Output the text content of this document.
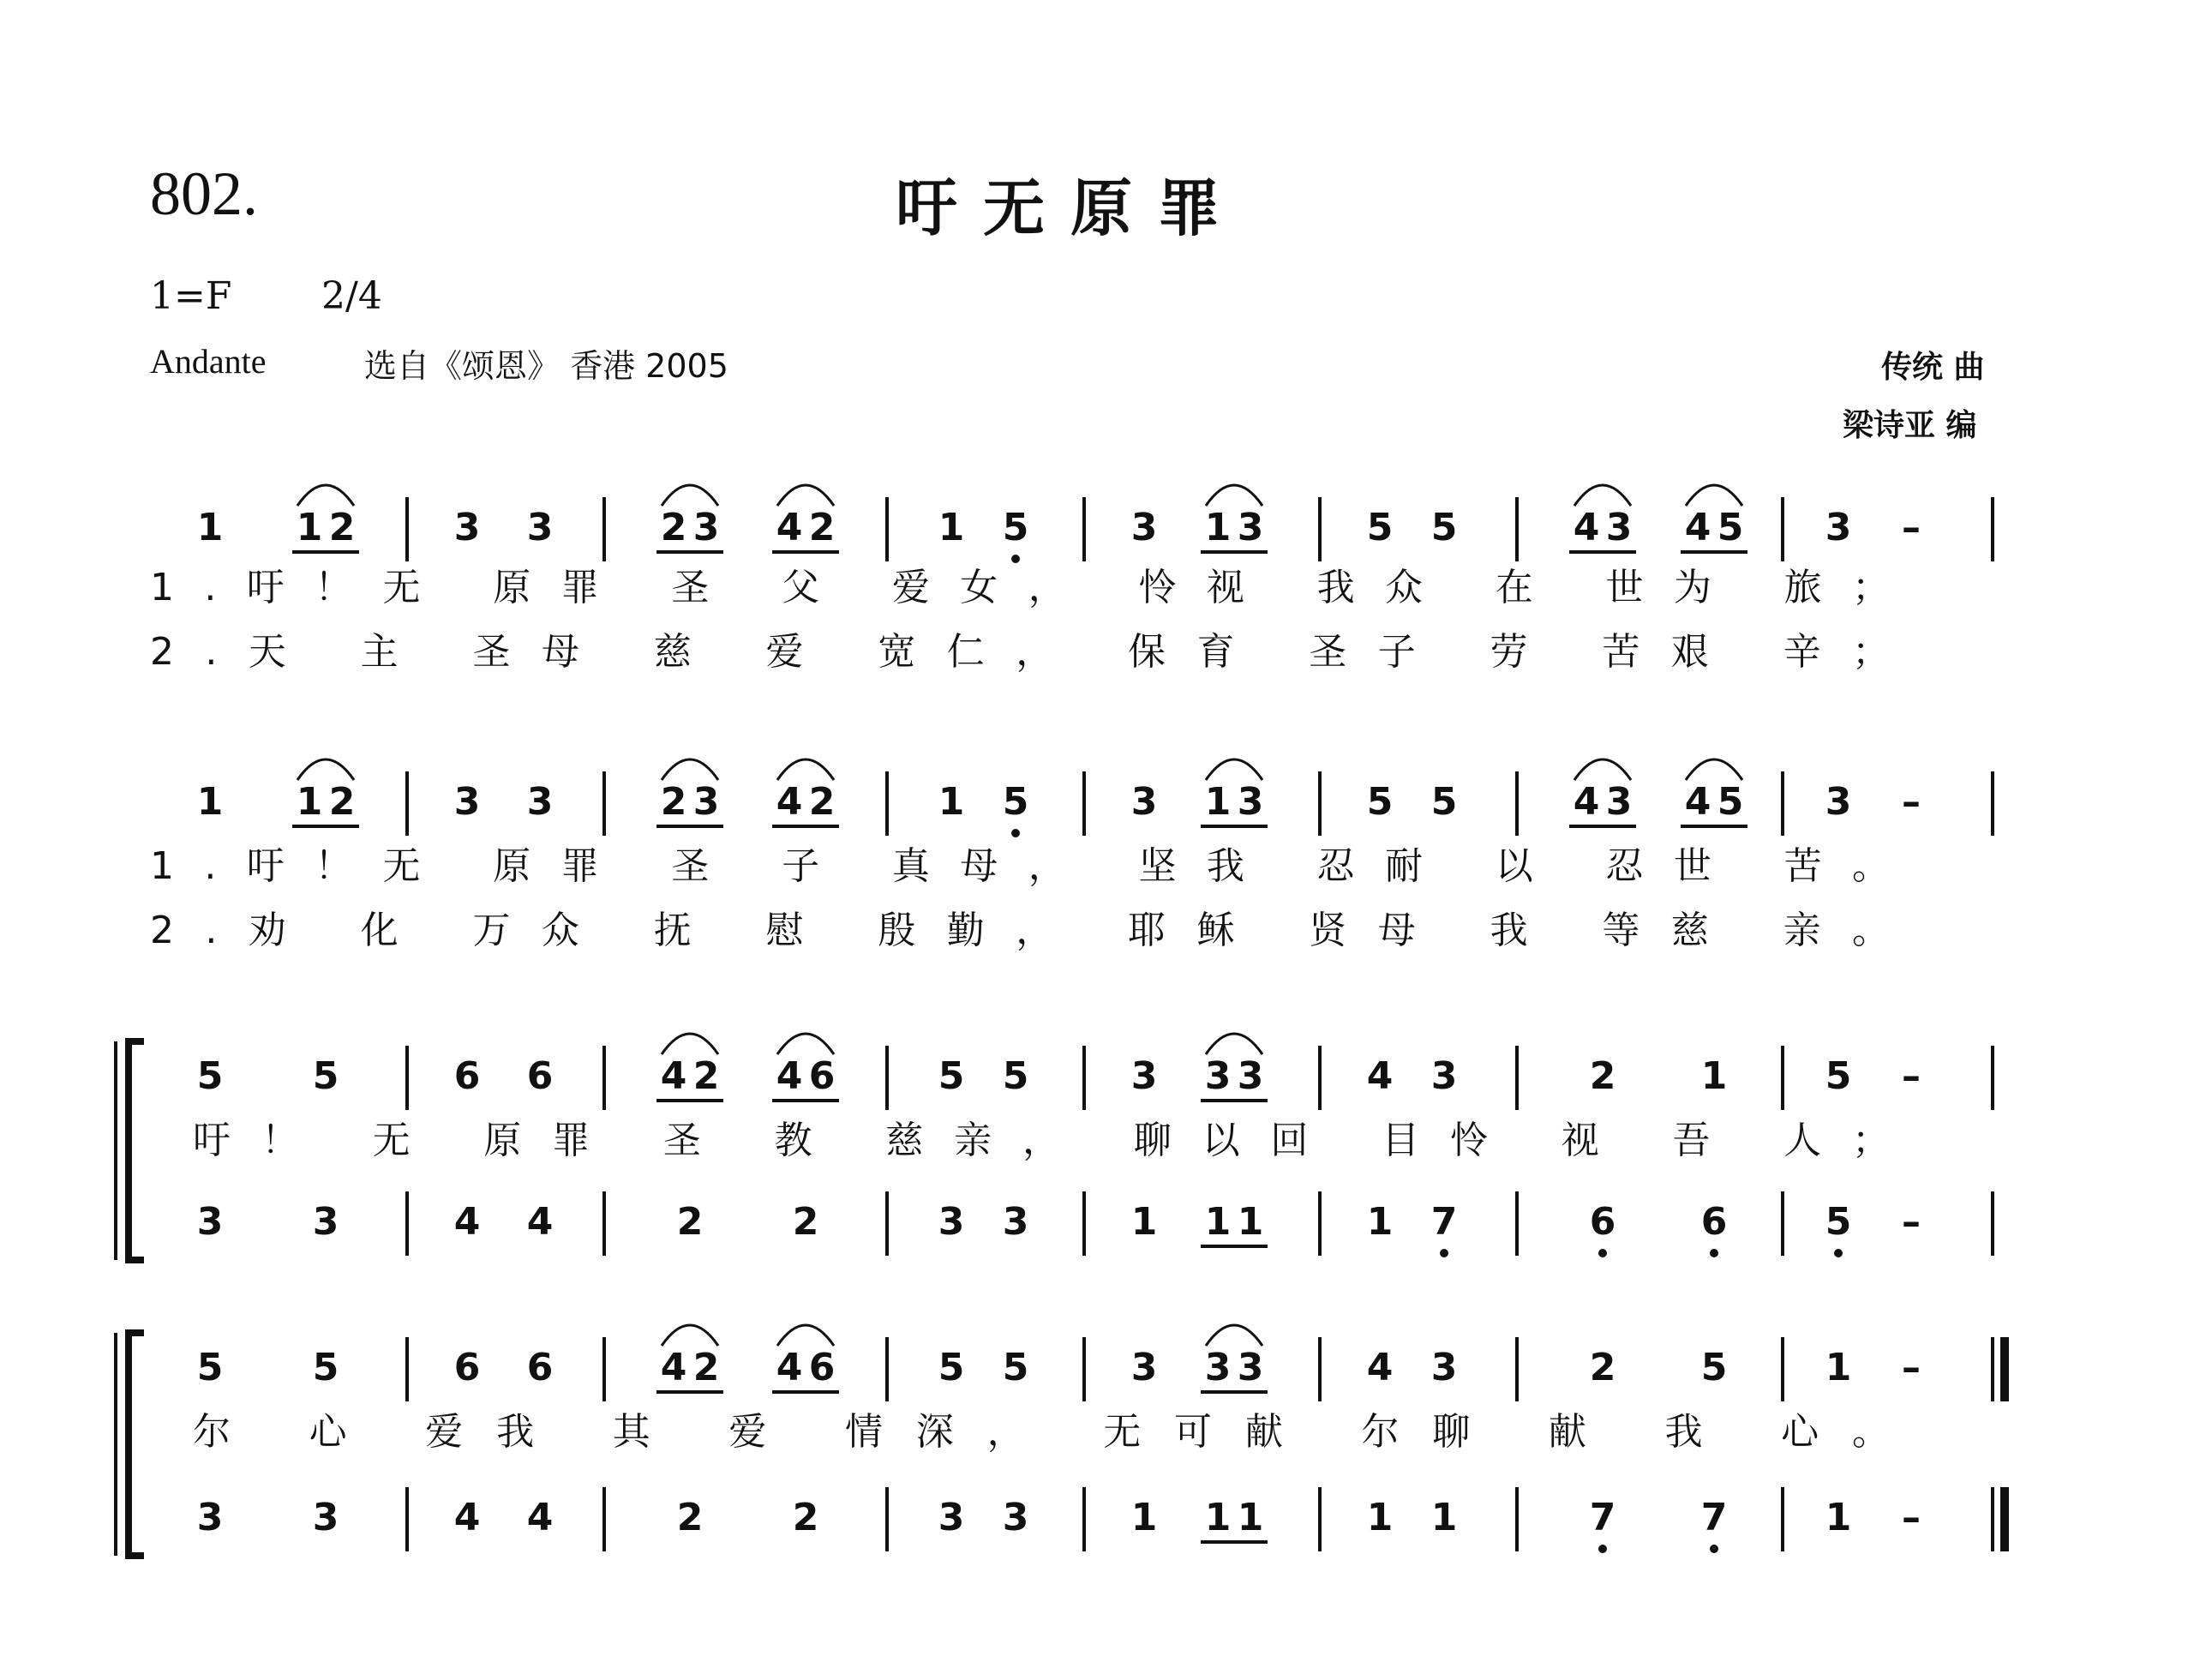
802.	吁无原罪
1=F 2/4
Andante	选自《颂恩》 香港 2005	传统 曲
梁诗亚 编
1 1 2	3 3	2 3 4 2	1 5	3 1 3	5 5	4 3 4 5 3 –
1.吁！无 原罪 圣 父 爱女， 怜视 我众 在 世为 旅；
2.天 主 圣母 慈 爱 宽仁， 保育 圣子 劳 苦艰 辛；
1 1 2	3 3	2 3 4 2	1 5	3 1 3	5 5	4 3 4 5 3 –
1.吁！无 原罪 圣 子 真母， 坚我 忍耐 以 忍世 苦。
2.劝 化 万众 抚 慰 殷勤， 耶稣 贤母 我 等慈 亲。
5 5	6 6	4 2 4 6	5 5	3 3 3	4 3	2 1	5 –
吁！ 无 原罪 圣 教 慈亲， 聊以回 目怜 视 吾 人；
3 3	4 4	2 2	3 3	1 1 1	1 7	6 6	5 –
5 5	6 6	4 2 4 6	5 5	3 3 3	4 3	2 5	1 –
尔 心 爱我 其 爱 情深， 无可献 尔聊 献 我 心。
3 3	4 4	2 2	3 3	1 1 1	1 1	7 7	1 –
